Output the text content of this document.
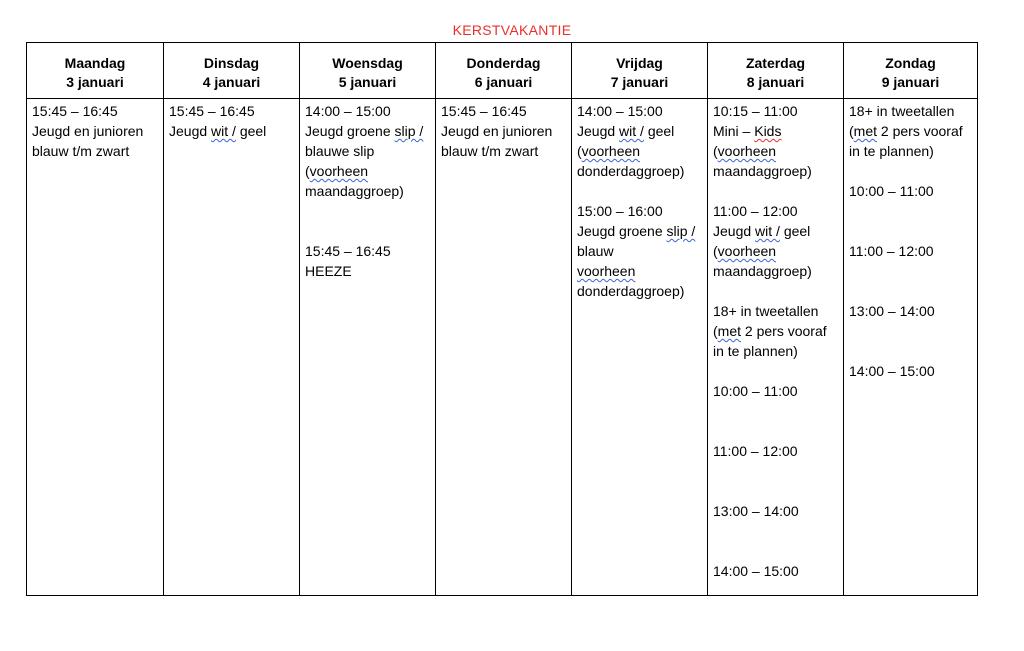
KERSTVAKANTIE
Maandag
3 januari
15:45 – 16:45
Jeugd en junioren
blauw t/m zwart
Dinsdag
4 januari
15:45 – 16:45
Jeugd wit / geel
Woensdag
5 januari
14:00 – 15:00
Jeugd groene slip /
blauwe slip
(voorheen
maandaggroep)
15:45 – 16:45
HEEZE
Donderdag
6 januari
15:45 – 16:45
Jeugd en junioren
blauw t/m zwart
Vrijdag
7 januari
14:00 – 15:00
Jeugd wit / geel
(voorheen
donderdaggroep)
15:00 – 16:00
Jeugd groene slip /
blauw
voorheen
donderdaggroep)
Zaterdag
8 januari
10:15 – 11:00
Mini – Kids
(voorheen
maandaggroep)
11:00 – 12:00
Jeugd wit / geel
(voorheen
maandaggroep)
18+ in tweetallen
(met 2 pers vooraf
in te plannen)
10:00 – 11:00
11:00 – 12:00
13:00 – 14:00
14:00 – 15:00
Zondag
9 januari
18+ in tweetallen
(met 2 pers vooraf
in te plannen)
10:00 – 11:00
11:00 – 12:00
13:00 – 14:00
14:00 – 15:00
